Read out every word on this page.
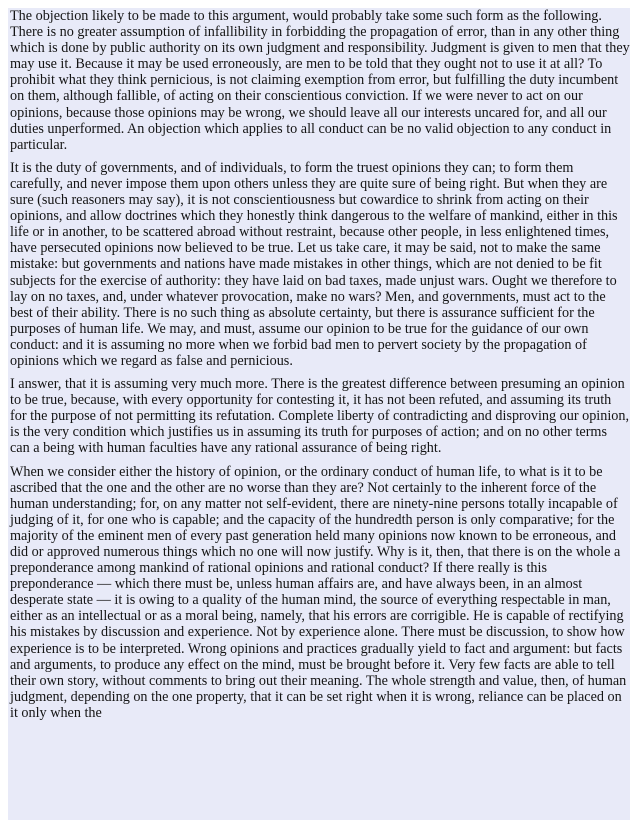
The objection likely to be made to this argument, would probably take some such form as the following. There is no greater assumption of infallibility in forbidding the propagation of error, than in any other thing which is done by public authority on its own judgment and responsibility. Judgment is given to men that they may use it. Because it may be used erroneously, are men to be told that they ought not to use it at all? To prohibit what they think pernicious, is not claiming exemption from error, but fulfilling the duty incumbent on them, although fallible, of acting on their conscientious conviction. If we were never to act on our opinions, because those opinions may be wrong, we should leave all our interests uncared for, and all our duties unperformed. An objection which applies to all conduct can be no valid objection to any conduct in particular.

It is the duty of governments, and of individuals, to form the truest opinions they can; to form them carefully, and never impose them upon others unless they are quite sure of being right. But when they are sure (such reasoners may say), it is not conscientiousness but cowardice to shrink from acting on their opinions, and allow doctrines which they honestly think dangerous to the welfare of mankind, either in this life or in another, to be scattered abroad without restraint, because other people, in less enlightened times, have persecuted opinions now believed to be true. Let us take care, it may be said, not to make the same mistake: but governments and nations have made mistakes in other things, which are not denied to be fit subjects for the exercise of authority: they have laid on bad taxes, made unjust wars. Ought we therefore to lay on no taxes, and, under whatever provocation, make no wars? Men, and governments, must act to the best of their ability. There is no such thing as absolute certainty, but there is assurance sufficient for the purposes of human life. We may, and must, assume our opinion to be true for the guidance of our own conduct: and it is assuming no more when we forbid bad men to pervert society by the propagation of opinions which we regard as false and pernicious.

I answer, that it is assuming very much more. There is the greatest difference between presuming an opinion to be true, because, with every opportunity for contesting it, it has not been refuted, and assuming its truth for the purpose of not permitting its refutation. Complete liberty of contradicting and disproving our opinion, is the very condition which justifies us in assuming its truth for purposes of action; and on no other terms can a being with human faculties have any rational assurance of being right.

When we consider either the history of opinion, or the ordinary conduct of human life, to what is it to be ascribed that the one and the other are no worse than they are? Not certainly to the inherent force of the human understanding; for, on any matter not self-evident, there are ninety-nine persons totally incapable of judging of it, for one who is capable; and the capacity of the hundredth person is only comparative; for the majority of the eminent men of every past generation held many opinions now known to be erroneous, and did or approved numerous things which no one will now justify. Why is it, then, that there is on the whole a preponderance among mankind of rational opinions and rational conduct? If there really is this preponderance — which there must be, unless human affairs are, and have always been, in an almost desperate state — it is owing to a quality of the human mind, the source of everything respectable in man, either as an intellectual or as a moral being, namely, that his errors are corrigible. He is capable of rectifying his mistakes by discussion and experience. Not by experience alone. There must be discussion, to show how experience is to be interpreted. Wrong opinions and practices gradually yield to fact and argument: but facts and arguments, to produce any effect on the mind, must be brought before it. Very few facts are able to tell their own story, without comments to bring out their meaning. The whole strength and value, then, of human judgment, depending on the one property, that it can be set right when it is wrong, reliance can be placed on it only when the
